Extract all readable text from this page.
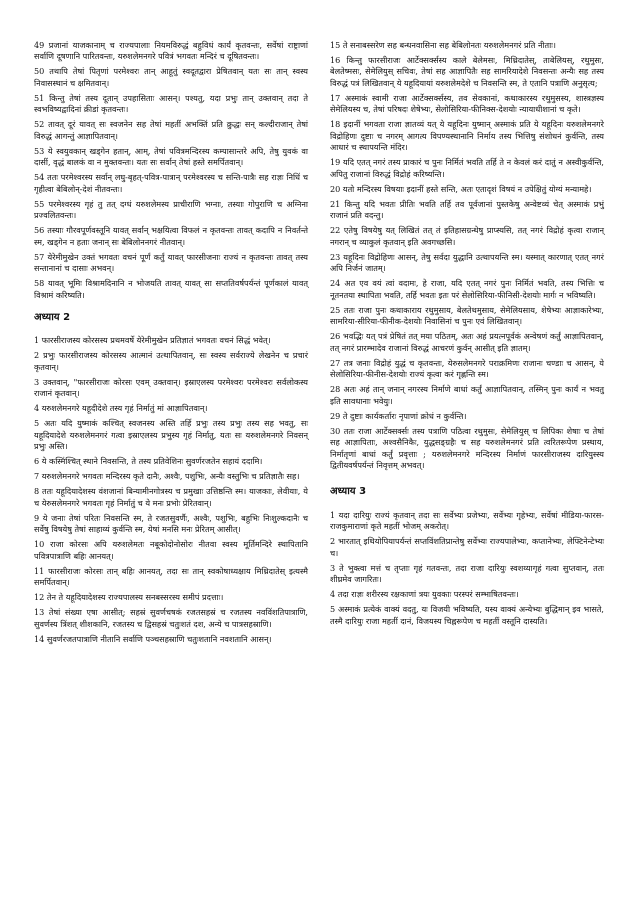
49 प्रजानां याजकानाम् च राज्यपालाः नियमविरुद्धं बहुविधं कार्यं कृतवन्तः, सर्वेषां राष्ट्राणां सर्वाणि दूषणानि पारितवन्तः, यरुशलेमनगरे पवित्रं भगवतः मन्दिरं च दूषितवन्तः।

50 तथापि तेषां पितृणां परमेश्वरः तान् आहूतुं स्वदूतद्वारा प्रेषितवान् यतः सः तान् स्वस्य निवासस्थानं च क्षमितवान्।

51 किन्तु तेषां तस्य दूतान् उपहासिताः आसन्। पश्यतु, यदा प्रभुः तान् उक्तवान् तदा ते स्वभविष्यद्वादिनां क्रीडां कृतवन्तः।

52 तावत् दूरं यावत् सः स्वजनेन सह तेषां महतीं अभक्तिं प्रति क्रुद्धः सन् कल्दीराजान् तेषां विरुद्धं आगन्तुं आज्ञापितवान्।

53 ये स्वयुवकान् खड्गेन हतान्, आम्, तेषां पवित्रमन्दिरस्य कम्पासान्तरे अपि, तेषु युवकं वा दासीं, वृद्धं बालकं वा न मुक्तवन्तः। यतः सः सर्वान् तेषां हस्ते समर्पितवान्।

54 ततः परमेश्वरस्य सर्वान् लघु-बृहत्-पवित्र-पात्रान् परमेश्वरस्य च सन्ति-पात्रैः सह राज्ञः निधिं च गृहीत्वा बेबिलोन्-देशं नीतवन्तः।

55 परमेश्वरस्य गृहं तु तत् दग्धं यरुशलेमस्य प्राचीराणि भग्नाः, तस्याः गोपुराणि च अग्निना प्रज्वलितवन्तः।

56 तस्याः गौरवपूर्णवस्तूनि यावत् सर्वान् भक्षयित्वा विफलं न कृतवन्तः तावत् कदापि न निवर्तन्ते स्म, खड्गेन न हताः जनान् सः बेबिलोननगरं नीतवान्।

57 येरेमीमुखेन उक्तं भगवतः वचनं पूर्णं कर्तुं यावत् फारसीजनाः राज्यं न कृतवन्तः तावत् तस्य सन्तानानां च दासाः अभवन्।

58 यावत् भूमिः विश्रामदिनानि न भोजयति तावत् यावत् सा सप्ततिवर्षपर्यन्तं पूर्णकालं यावत् विश्रामं करिष्यति।

अध्याय 2

1 फारसीराजस्य कोरसस्य प्रथमवर्षे येरेमीमुखेन प्रतिज्ञातं भगवतः वचनं सिद्धं भवेत्।

2 प्रभुः फारसीराजस्य कोरसस्य आत्मानं उत्थापितवान्, सः स्वस्य सर्वराज्ये लेखनेन च प्रचारं कृतवान्।

3 उक्तवान्, "फारसीराजः कोरसः एवम् उक्तवान्। इस्राएलस्य परमेश्वरः परमेश्वरः सर्वलोकस्य राजानं कृतवान्।

4 यरुशलेमनगरे यहूदीदेशे तस्य गृहं निर्मातुं मां आज्ञापितवान्।

5 अतः यदि युष्माकं कश्चित् स्वजनस्य अस्ति तर्हि प्रभुः तस्य प्रभुः तस्य सह भवतु, सः यहूदियादेशे यरुशलेमनगरं गत्वा इस्राएलस्य प्रभुस्य गृहं निर्मातु, यतः सः यरुशलेमनगरे निवसन् प्रभुः अस्ति।

6 ये कस्मिंश्चित् स्थाने निवसन्ति, ते तस्य प्रतिवेशिनः सुवर्णरजतेन सहायं ददामि।

7 यरुशलेमनगरे भगवतः मन्दिरस्य कृते दानैः, अश्वैः, पशुभिः, अन्यैः वस्तुभिः च प्रतिज्ञातैः सह।

8 ततः यहूदियादेशस्य वंशजानां बिन्यामीनगोत्रस्य च प्रमुखाः उत्तिष्ठन्ति स्म। याजकाः, लेवीयाः, ये च येरुसलेमनगरे भगवतः गृहं निर्मातुं च ये मनः प्रभोः प्रेरितवान्।

9 ये जनाः तेषां परितः निवसन्ति स्म, ते रजतसुवर्णैः, अश्वैः, पशुभिः, बहुभिः निःशुल्कदानैः च सर्वेषु विषयेषु तेषां साहाय्यं कुर्वन्ति स्म, येषां मनसि मनः प्रेरितम् आसीत्।

10 राजा कोरसः अपि यरुशलेमतः नबूकोदोनोसोरः नीतवा स्वस्य मूर्तिमन्दिरे स्थापितानि पवित्रपात्राणि बहिः आनयत्।

11 फारसीराजः कोरसः तान् बहिः आनयत्, तदा सः तान् स्वकोषाध्यक्षाय मिथ्रिदातेस् इत्यस्मै समर्पितवान्।

12 तेन ते यहूदियादेशस्य राज्यपालस्य सनबस्सरस्य समीपं प्रदत्ताः।

13 तेषां संख्या एषा आसीत्; सहस्रं सुवर्णचषकं रजतसहस्रं च रजतस्य नवविंशतिपात्राणि, सुवर्णस्य त्रिंशत् शीशकानि, रजतस्य च द्विसहस्रं चतुःशतं दश, अन्ये च पात्रसहस्राणि।

14 सुवर्णरजतपात्राणि नीतानि सर्वाणि पञ्चसहस्राणि चतुःशतानि नवशतानि आसन्।

15 ते सनाबस्सरेण सह बन्धनवासिना सह बेबिलोनतः यरुशलेमनगरं प्रति नीताः।

16 किन्तु फारसीराजः आर्टेक्सर्क्सस्य काले बेलेमसः, मिथ्रिदातेस्, ताबेलियस्, रथुमुसः, बेलतेष्मसः, सेमेलियुस् सचिवः, तेषां सह आज्ञापितैः सह सामरियादेशे निवसन्तः अन्यैः सह तस्य विरुद्धं पत्रं लिखितवान् ये यहूदियायां यरुशलेमदेशे च निवसन्ति स्म, ते एतानि पत्राणि अनुसृत्य;

17 अस्माकं स्वामी राजा आर्टेक्सर्क्सस्य, तव सेवकानां, कथाकारस्य रथुमुसस्य, शास्त्रज्ञस्य सेमेलियस्य च, तेषां परिषदः शेषेभ्यः, सेलोसिरिया-फीनिक्स-देशयोः न्यायाधीशानां च कृते।

18 इदानीं भगवता राजा ज्ञातव्यं यत् ये यहूदिनः युष्मान् अस्माकं प्रति ये यहूदिनः यरुशलेमनगरे विद्रोहिणः दुष्टाः च नगरम् आगत्य विपण्यस्थानानि निर्माय तस्य भित्तिषु संशोधनं कुर्वन्ति, तस्य आधारं च स्थापयन्ति मंदिर।

19 यदि एतत् नगरं तस्य प्राकारं च पुनः निर्मितं भवति तर्हि ते न केवलं करं दातुं न अस्वीकुर्वन्ति, अपितु राजानां विरुद्धं विद्रोहं करिष्यन्ति।

20 यतो मन्दिरस्य विषयाः इदानीं हस्ते सन्ति, अतः एतादृशं विषयं न उपेक्षितुं योग्यं मन्यामहे।

21 किन्तु यदि भवतः प्रीतिः भवति तर्हि तव पूर्वजानां पुस्तकेषु अन्वेष्टव्यं चेत् अस्माकं प्रभुं राजानं प्रति वदन्तु।

22 एतेषु विषयेषु यत् लिखितं तत् तं इतिहासग्रन्थेषु प्राप्स्यसि, तत् नगरं विद्रोहं कृत्वा राजान् नगरान् च व्याकुलं कृतवान् इति अवगच्छसि।

23 यहूदिनः विद्रोहिणः आसन्, तेषु सर्वदा युद्धानि उत्थापयन्ति स्म। यस्मात् कारणात् एतत् नगरं अपि निर्जनं जातम्।

24 अत एव वयं त्वां वदामः, हे राजा, यदि एतत् नगरं पुनः निर्मितं भवति, तस्य भित्तिः च नूतनतया स्थापिता भवति, तर्हि भवतः इतः परं सेलोसिरिया-फीनिसी-देशयोः मार्गः न भविष्यति।

25 ततः राजा पुनः कथाकाराय रथुमुसाय, बेलतेथमुसाय, सेमेलियसाय, शेषेभ्यः आज्ञाकारेभ्यः, सामरिया-सीरिया-फीनीक-देशयोः निवासिनां च पुनः एवं लिखितवान्।

26 भवद्भिः यत् पत्रं प्रेषितं तत् मया पठितम्, अतः अहं प्रयत्नपूर्वकं अन्वेषणं कर्तुं आज्ञापितवान्, तत् नगरं प्रारम्भादेव राजानां विरुद्धं आचरणं कुर्वन् आसीत् इति ज्ञातम्।

27 तत्र जनाः विद्रोहं युद्धं च कृतवन्तः, येरुसलेमनगरे पराक्रमिणः राजानः चण्डाः च आसन्, ये सेलोसिरिया-फीनीस-देशयोः राज्यं कृत्वा करं गृह्णन्ति स्म।

28 अतः अहं तान् जनान् नगरस्य निर्माणे बाधां कर्तुं आज्ञापितवान्, तस्मिन् पुनः कार्यं न भवतु इति सावधानाः भवेयुः।

29 ते दुष्टाः कार्यकर्तारः नृपाणां क्रोधं न कुर्वन्ति।

30 ततः राजा आर्टेक्सर्क्सः तस्य पत्राणि पठित्वा रथुमुसः, सेमेलियुस् च लिपिकः शेषाः च तेषां सह आज्ञापिताः, अश्वसैनिकैः, युद्धसङ्ग्रहैः च सह यरुशलेमनगरं प्रति त्वरितरूपेण प्रस्थाय, निर्मातृणां बाधां कर्तुं प्रवृत्ताः ; यरुशलेमनगरे मन्दिरस्य निर्माणं फारसीराजस्य दारियुस्स्य द्वितीयवर्षपर्यन्तं निवृत्तम् अभवत्।

अध्याय 3

1 यदा दारियुः राज्यं कृतवान् तदा सः सर्वेभ्यः प्रजेभ्यः, सर्वेभ्यः गृहेभ्यः, सर्वेषां मीडिया-फारस-राजकुमाराणां कृते महतीं भोजम् अकरोत्।

2 भारतात् इथियोपियापर्यन्तं सप्तविंशतिप्रान्तेषु सर्वेभ्यः राज्यपालेभ्यः, कप्तानेभ्यः, लेफ्टिनेन्टेभ्यः च।

3 ते भुक्त्वा मत्तं च तृप्ताः गृहं गतवन्तः, तदा राजा दारियुः स्वशय्यागृहं गत्वा सुप्तवान्, ततः शीघ्रमेव जागरितः।

4 तदा राज्ञः शरीरस्य रक्षकाणां त्रयः युवकाः परस्परं सम्भाषितवन्तः।

5 अस्माकं प्रत्येकं वाक्यं वदतु, यः विजयी भविष्यति, यस्य वाक्यं अन्येभ्यः बुद्धिमान् इव भासते, तस्मै दारियुः राजा महतीं दानं, विजयस्य चिह्नरूपेण च महतीं वस्तूनि दास्यति।
